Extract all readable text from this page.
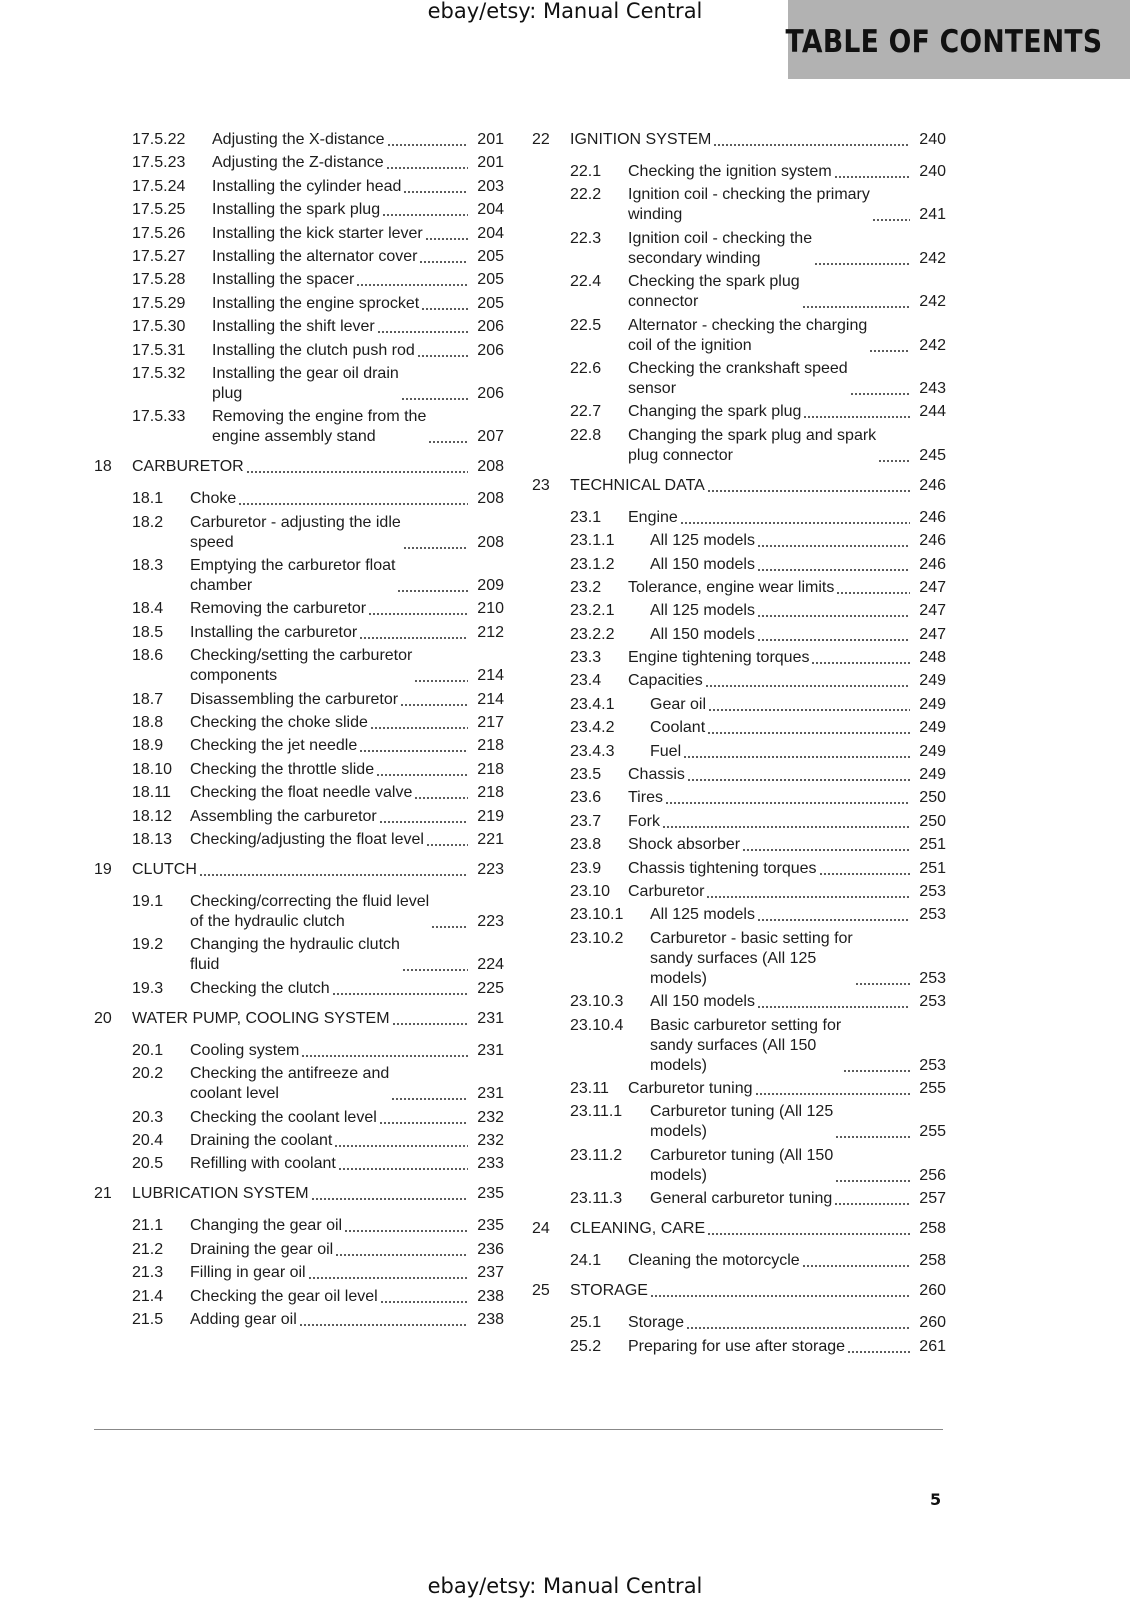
ebay/etsy: Manual Central
TABLE OF CONTENTS
17.5.22	Adjusting the X-distance	201
17.5.23	Adjusting the Z-distance	201
17.5.24	Installing the cylinder head	203
17.5.25	Installing the spark plug	204
17.5.26	Installing the kick starter lever	204
17.5.27	Installing the alternator cover	205
17.5.28	Installing the spacer	205
17.5.29	Installing the engine sprocket	205
17.5.30	Installing the shift lever	206
17.5.31	Installing the clutch push rod	206
17.5.32	Installing the gear oil drain
plug	206
17.5.33	Removing the engine from the
engine assembly stand	207
18	CARBURETOR	208
18.1	Choke	208
18.2	Carburetor - adjusting the idle
speed	208
18.3	Emptying the carburetor float
chamber	209
18.4	Removing the carburetor	210
18.5	Installing the carburetor	212
18.6	Checking/setting the carburetor
components	214
18.7	Disassembling the carburetor	214
18.8	Checking the choke slide	217
18.9	Checking the jet needle	218
18.10	Checking the throttle slide	218
18.11	Checking the float needle valve	218
18.12	Assembling the carburetor	219
18.13	Checking/adjusting the float level	221
19	CLUTCH	223
19.1	Checking/correcting the fluid level
of the hydraulic clutch	223
19.2	Changing the hydraulic clutch
fluid	224
19.3	Checking the clutch	225
20	WATER PUMP, COOLING SYSTEM	231
20.1	Cooling system	231
20.2	Checking the antifreeze and
coolant level	231
20.3	Checking the coolant level	232
20.4	Draining the coolant	232
20.5	Refilling with coolant	233
21	LUBRICATION SYSTEM	235
21.1	Changing the gear oil	235
21.2	Draining the gear oil	236
21.3	Filling in gear oil	237
21.4	Checking the gear oil level	238
21.5	Adding gear oil	238
22	IGNITION SYSTEM	240
22.1	Checking the ignition system	240
22.2	Ignition coil - checking the primary
winding	241
22.3	Ignition coil - checking the
secondary winding	242
22.4	Checking the spark plug
connector	242
22.5	Alternator - checking the charging
coil of the ignition	242
22.6	Checking the crankshaft speed
sensor	243
22.7	Changing the spark plug	244
22.8	Changing the spark plug and spark
plug connector	245
23	TECHNICAL DATA	246
23.1	Engine	246
23.1.1	All 125 models	246
23.1.2	All 150 models	246
23.2	Tolerance, engine wear limits	247
23.2.1	All 125 models	247
23.2.2	All 150 models	247
23.3	Engine tightening torques	248
23.4	Capacities	249
23.4.1	Gear oil	249
23.4.2	Coolant	249
23.4.3	Fuel	249
23.5	Chassis	249
23.6	Tires	250
23.7	Fork	250
23.8	Shock absorber	251
23.9	Chassis tightening torques	251
23.10	Carburetor	253
23.10.1	All 125 models	253
23.10.2	Carburetor - basic setting for
sandy surfaces (All 125
models)	253
23.10.3	All 150 models	253
23.10.4	Basic carburetor setting for
sandy surfaces (All 150
models)	253
23.11	Carburetor tuning	255
23.11.1	Carburetor tuning (All 125
models)	255
23.11.2	Carburetor tuning (All 150
models)	256
23.11.3	General carburetor tuning	257
24	CLEANING, CARE	258
24.1	Cleaning the motorcycle	258
25	STORAGE	260
25.1	Storage	260
25.2	Preparing for use after storage	261
5
ebay/etsy: Manual Central
